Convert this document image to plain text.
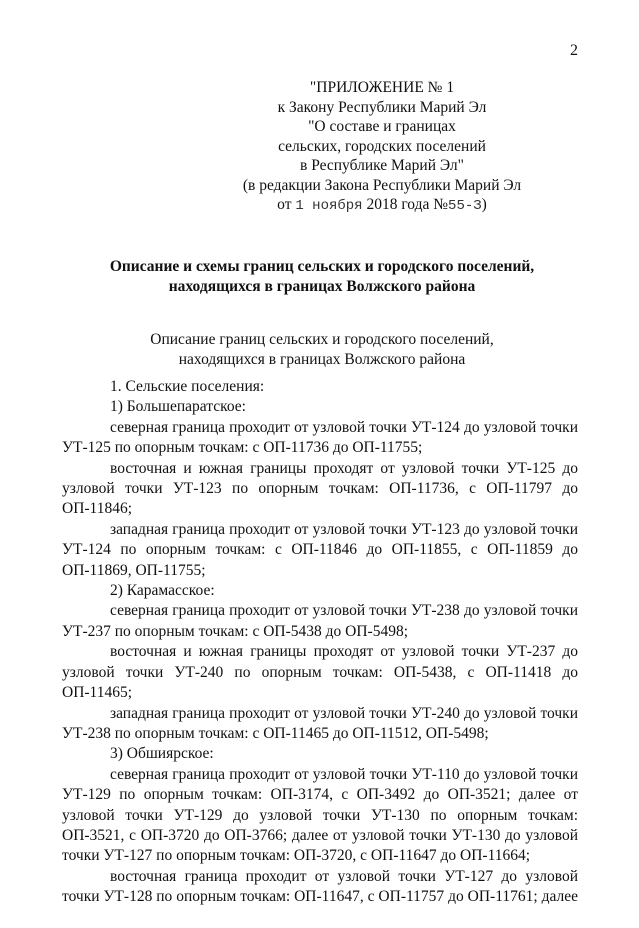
2
"ПРИЛОЖЕНИЕ № 1
к Закону Республики Марий Эл
"О составе и границах
сельских, городских поселений
в Республике Марий Эл"
(в редакции Закона Республики Марий Эл
от 1 ноября 2018 года №55-З)
Описание и схемы границ сельских и городского поселений,
находящихся в границах Волжского района
Описание границ сельских и городского поселений,
находящихся в границах Волжского района
1. Сельские поселения:
1) Большепаратское:
северная граница проходит от узловой точки УТ-124 до узловой точки УТ-125 по опорным точкам: с ОП-11736 до ОП-11755;
восточная и южная границы проходят от узловой точки УТ-125 до узловой точки УТ-123 по опорным точкам: ОП-11736, с ОП-11797 до ОП-11846;
западная граница проходит от узловой точки УТ-123 до узловой точки УТ-124 по опорным точкам: с ОП-11846 до ОП-11855, с ОП-11859 до ОП-11869, ОП-11755;
2) Карамасское:
северная граница проходит от узловой точки УТ-238 до узловой точки УТ-237 по опорным точкам: с ОП-5438 до ОП-5498;
восточная и южная границы проходят от узловой точки УТ-237 до узловой точки УТ-240 по опорным точкам: ОП-5438, с ОП-11418 до ОП-11465;
западная граница проходит от узловой точки УТ-240 до узловой точки УТ-238 по опорным точкам: с ОП-11465 до ОП-11512, ОП-5498;
3) Обшиярское:
северная граница проходит от узловой точки УТ-110 до узловой точки УТ-129 по опорным точкам: ОП-3174, с ОП-3492 до ОП-3521; далее от узловой точки УТ-129 до узловой точки УТ-130 по опорным точкам: ОП-3521, с ОП-3720 до ОП-3766; далее от узловой точки УТ-130 до узловой точки УТ-127 по опорным точкам: ОП-3720, с ОП-11647 до ОП-11664;
восточная граница проходит от узловой точки УТ-127 до узловой точки УТ-128 по опорным точкам: ОП-11647, с ОП-11757 до ОП-11761; далее
